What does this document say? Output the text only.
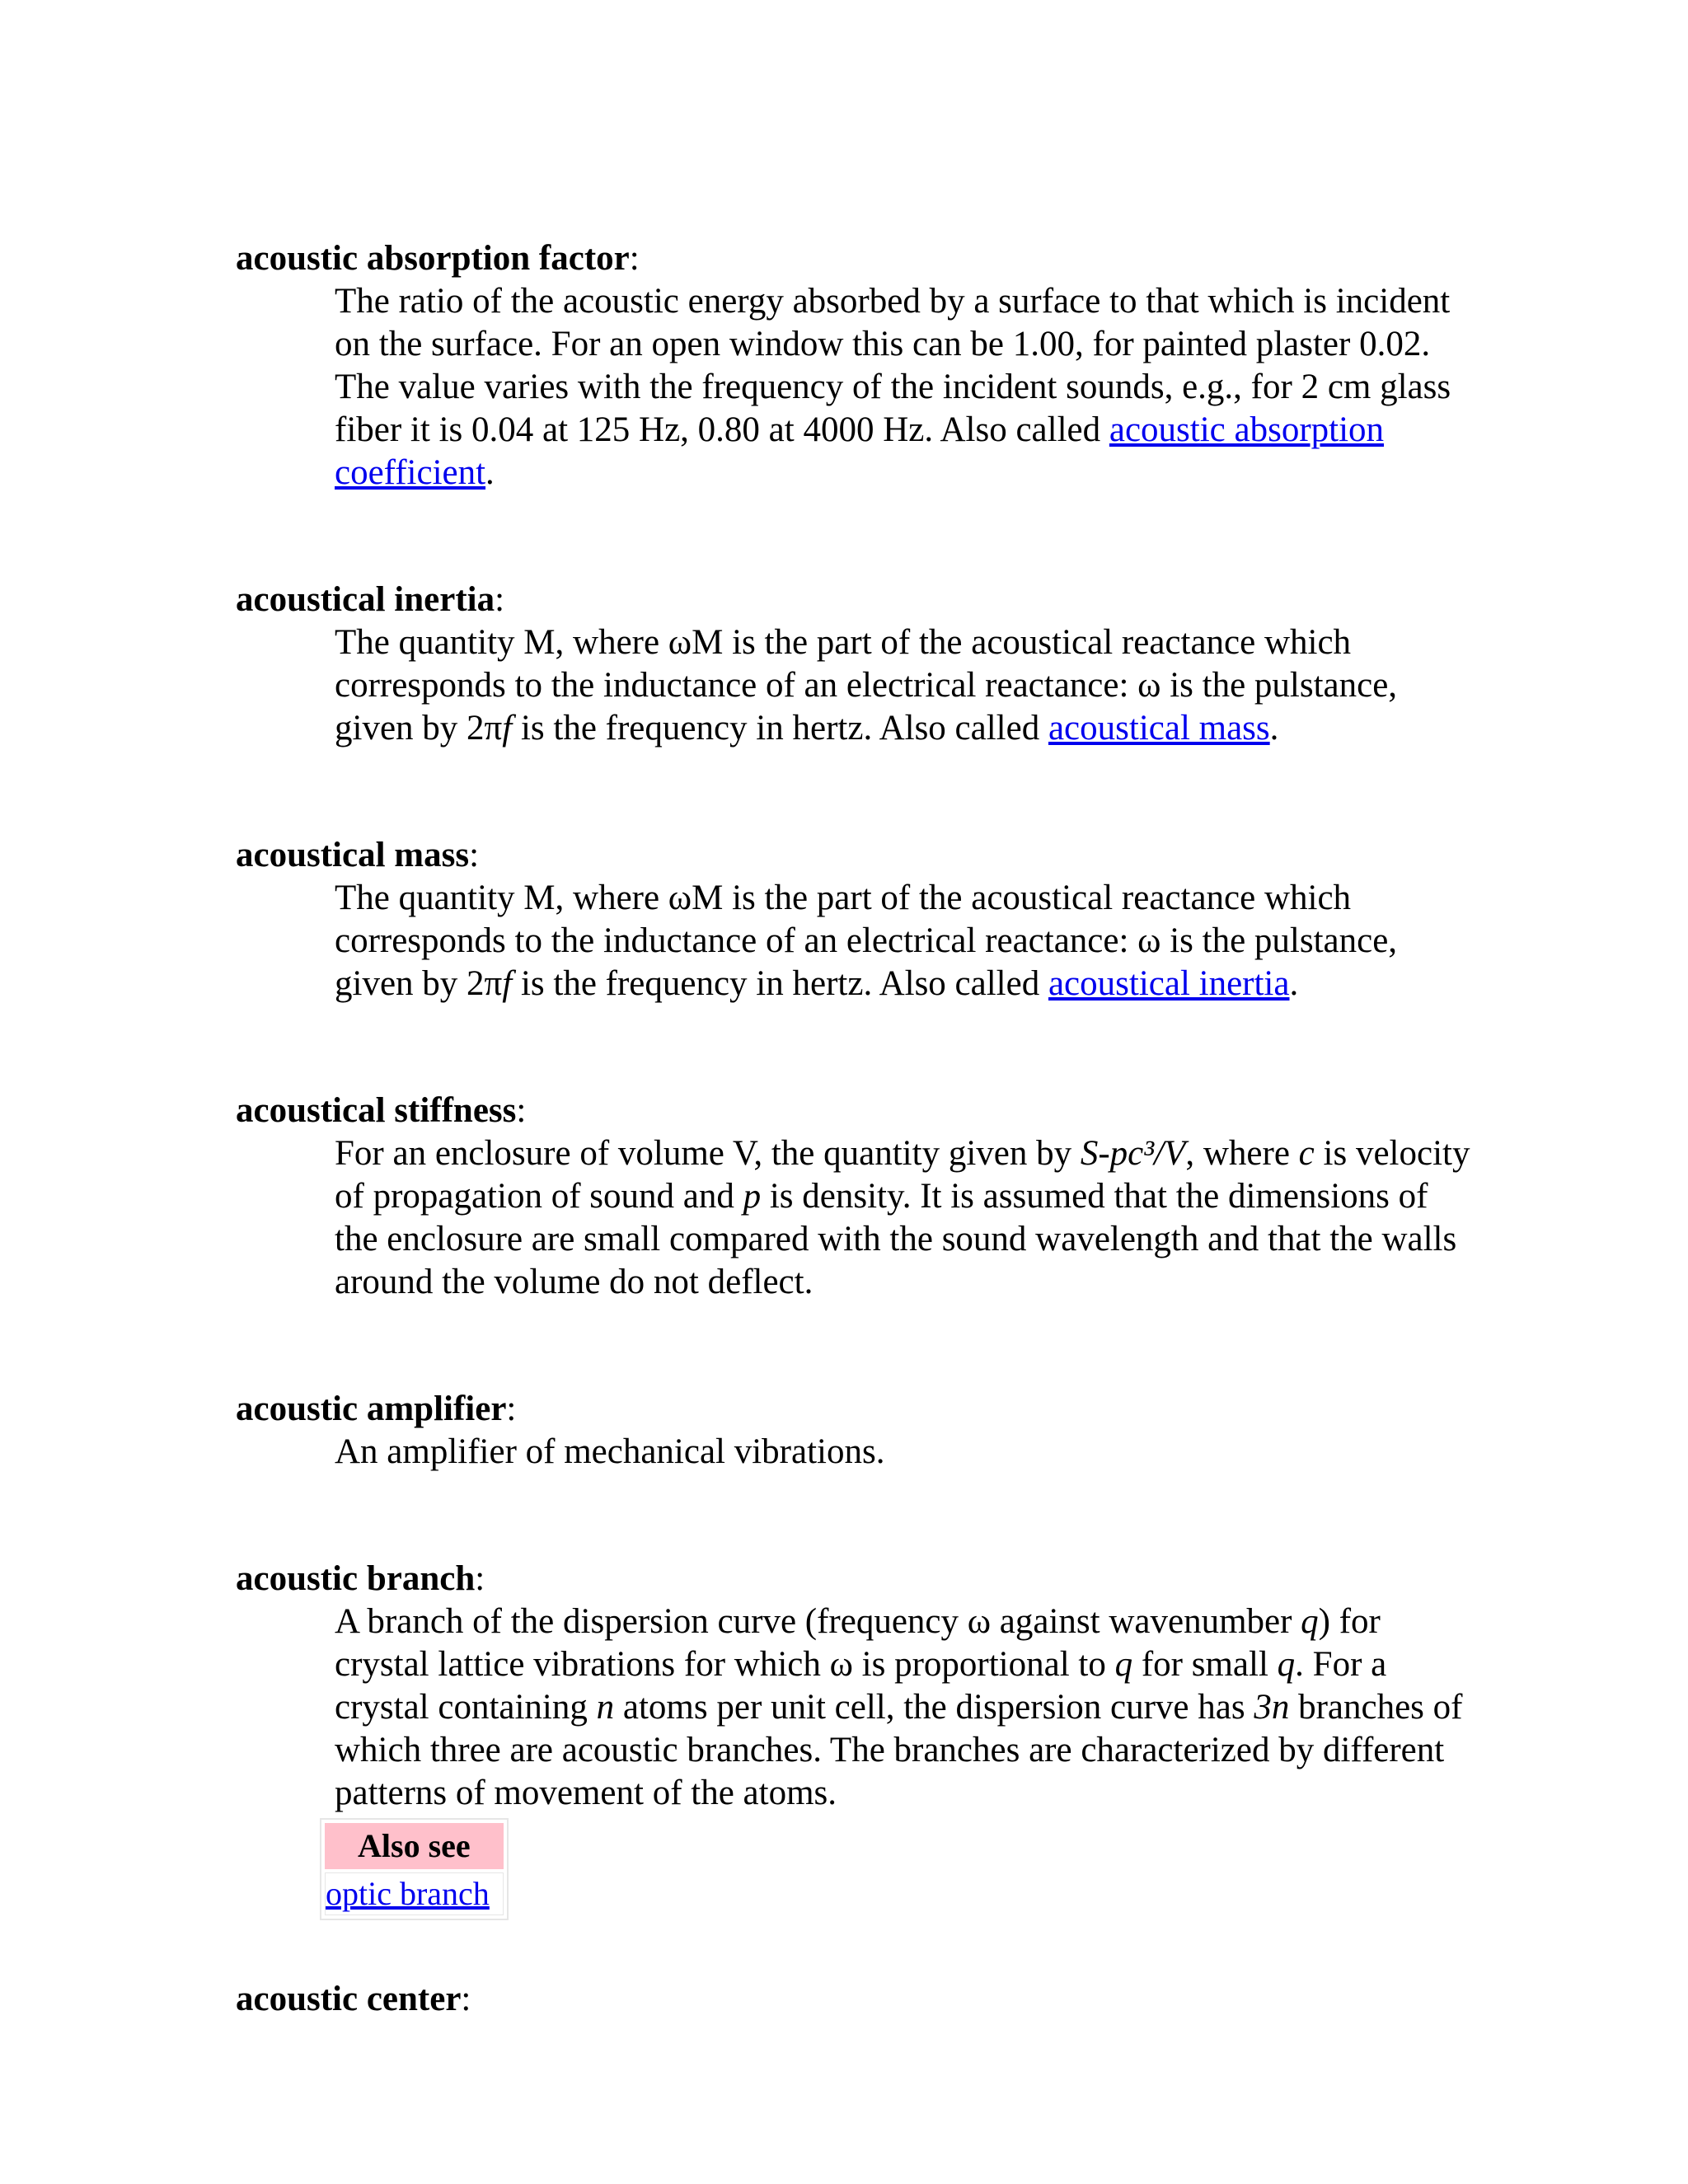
acoustic absorption factor:

The ratio of the acoustic energy absorbed by a surface to that which is incident on the surface. For an open window this can be 1.00, for painted plaster 0.02. The value varies with the frequency of the incident sounds, e.g., for 2 cm glass fiber it is 0.04 at 125 Hz, 0.80 at 4000 Hz. Also called acoustic absorption coefficient.

acoustical inertia:

The quantity M, where ωM is the part of the acoustical reactance which corresponds to the inductance of an electrical reactance: ω is the pulstance, given by 2πf is the frequency in hertz. Also called acoustical mass.

acoustical mass:

The quantity M, where ωM is the part of the acoustical reactance which corresponds to the inductance of an electrical reactance: ω is the pulstance, given by 2πf is the frequency in hertz. Also called acoustical inertia.

acoustical stiffness:

For an enclosure of volume V, the quantity given by S-pc³/V, where c is velocity of propagation of sound and p is density. It is assumed that the dimensions of the enclosure are small compared with the sound wavelength and that the walls around the volume do not deflect.

acoustic amplifier:

An amplifier of mechanical vibrations.

acoustic branch:

A branch of the dispersion curve (frequency ω against wavenumber q) for crystal lattice vibrations for which ω is proportional to q for small q. For a crystal containing n atoms per unit cell, the dispersion curve has 3n branches of which three are acoustic branches. The branches are characterized by different patterns of movement of the atoms.

Also see
optic branch

acoustic center:
